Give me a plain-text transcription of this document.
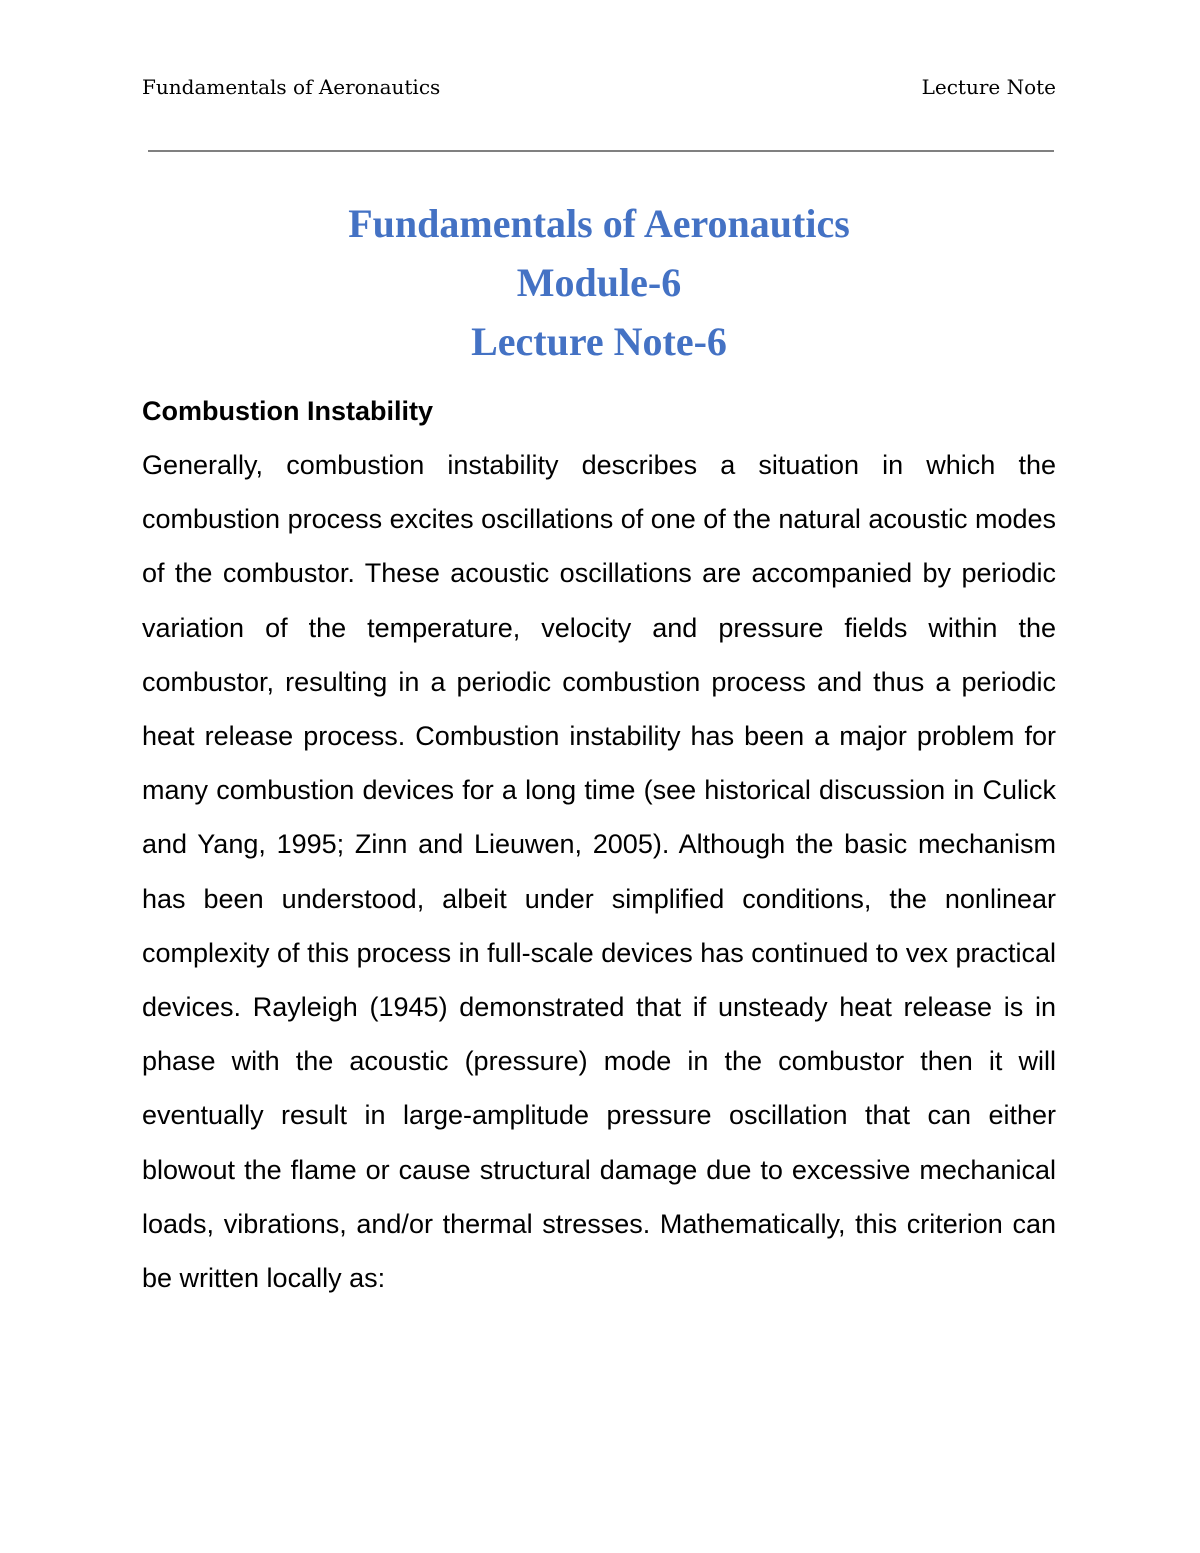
Fundamentals of Aeronautics	Lecture Note
Fundamentals of Aeronautics
Module-6
Lecture Note-6
Combustion Instability

Generally, combustion instability describes a situation in which the combustion process excites oscillations of one of the natural acoustic modes of the combustor. These acoustic oscillations are accompanied by periodic variation of the temperature, velocity and pressure fields within the combustor, resulting in a periodic combustion process and thus a periodic heat release process. Combustion instability has been a major problem for many combustion devices for a long time (see historical discussion in Culick and Yang, 1995; Zinn and Lieuwen, 2005). Although the basic mechanism has been understood, albeit under simplified conditions, the nonlinear complexity of this process in full-scale devices has continued to vex practical devices. Rayleigh (1945) demonstrated that if unsteady heat release is in phase with the acoustic (pressure) mode in the combustor then it will eventually result in large-amplitude pressure oscillation that can either blowout the flame or cause structural damage due to excessive mechanical loads, vibrations, and/or thermal stresses. Mathematically, this criterion can be written locally as:
